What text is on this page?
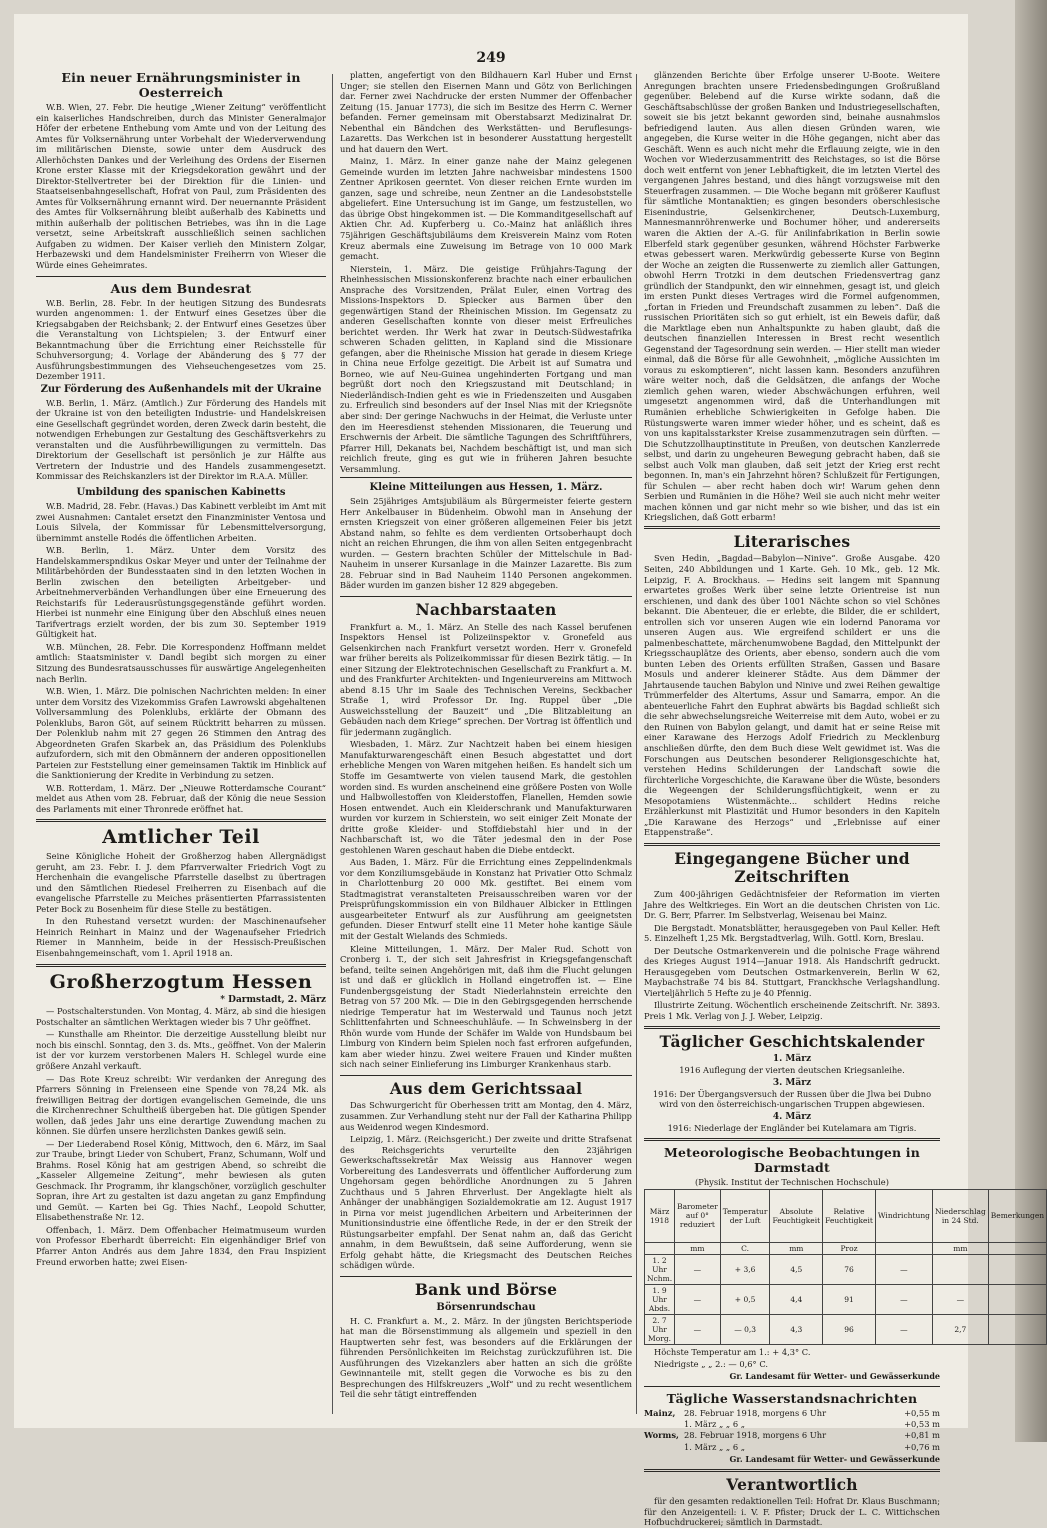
249
Ein neuer Ernährungsminister in Oesterreich

W.B. Wien, 27. Febr. Die heutige „Wiener Zeitung“ veröffentlicht ein kaiserliches Handschreiben, durch das Minister Generalmajor Höfer der erbetene Enthebung vom Amte und von der Leitung des Amtes für Volksernährung unter Vorbehalt der Wiederverwendung im militärischen Dienste, sowie unter dem Ausdruck des Allerhöchsten Dankes und der Verleihung des Ordens der Eisernen Krone erster Klasse mit der Kriegsdekoration gewährt und der Direktor-Stellvertreter bei der Direktion für die Linien- und Staatseisenbahngesellschaft, Hofrat von Paul, zum Präsidenten des Amtes für Volksernährung ernannt wird. Der neuernannte Präsident des Amtes für Volksernährung bleibt außerhalb des Kabinetts und mithin außerhalb der politischen Betriebes, was ihn in die Lage versetzt, seine Arbeitskraft ausschließlich seinen sachlichen Aufgaben zu widmen. Der Kaiser verlieh den Ministern Zolgar, Herbazewski und dem Handelsminister Freiherrn von Wieser die Würde eines Geheimrates.

Aus dem Bundesrat

W.B. Berlin, 28. Febr. In der heutigen Sitzung des Bundesrats wurden angenommen: 1. der Entwurf eines Gesetzes über die Kriegsabgaben der Reichsbank; 2. der Entwurf eines Gesetzes über die Veranstaltung von Lichtspielen; 3. der Entwurf einer Bekanntmachung über die Errichtung einer Reichsstelle für Schuhversorgung; 4. Vorlage der Abänderung des § 77 der Ausführungsbestimmungen des Viehseuchengesetzes vom 25. Dezember 1911.

Zur Förderung des Außenhandels mit der Ukraine

W.B. Berlin, 1. März. (Amtlich.) Zur Förderung des Handels mit der Ukraine ist von den beteiligten Industrie- und Handelskreisen eine Gesellschaft gegründet worden, deren Zweck darin besteht, die notwendigen Erhebungen zur Gestaltung des Geschäftsverkehrs zu veranstalten und die Ausführbewilligungen zu vermitteln. Das Direktorium der Gesellschaft ist persönlich je zur Hälfte aus Vertretern der Industrie und des Handels zusammengesetzt. Kommissar des Reichskanzlers ist der Direktor im R.A.A. Müller.

Umbildung des spanischen Kabinetts

W.B. Madrid, 28. Febr. (Havas.) Das Kabinett verbleibt im Amt mit zwei Ausnahmen: Cantalet ersetzt den Finanzminister Ventosa und Louis Silvela, der Kommissar für Lebensmittelversorgung, übernimmt anstelle Rodés die öffentlichen Arbeiten.

W.B. Berlin, 1. März. Unter dem Vorsitz des Handelskammerspndikus Oskar Meyer und unter der Teilnahme der Militärbehörden der Bundesstaaten sind in den letzten Wochen in Berlin zwischen den beteiligten Arbeitgeber- und Arbeitnehmerverbänden Verhandlungen über eine Erneuerung des Reichstarifs für Lederausrüstungsgegenstände geführt worden. Hierbei ist nunmehr eine Einigung über den Abschluß eines neuen Tarifvertrags erzielt worden, der bis zum 30. September 1919 Gültigkeit hat.

W.B. München, 28. Febr. Die Korrespondenz Hoffmann meldet amtlich: Staatsminister v. Dandl begibt sich morgen zu einer Sitzung des Bundesratsausschusses für auswärtige Angelegenheiten nach Berlin.

W.B. Wien, 1. März. Die polnischen Nachrichten melden: In einer unter dem Vorsitz des Vizekommiss Grafen Lawrowski abgehaltenen Vollversammlung des Polenklubs, erklärte der Obmann des Polenklubs, Baron Göt, auf seinem Rücktritt beharren zu müssen. Der Polenklub nahm mit 27 gegen 26 Stimmen den Antrag des Abgeordneten Grafen Skarbek an, das Präsidium des Polenklubs aufzufordern, sich mit den Obmännern der anderen oppositionellen Parteien zur Feststellung einer gemeinsamen Taktik im Hinblick auf die Sanktionierung der Kredite in Verbindung zu setzen.

W.B. Rotterdam, 1. März. Der „Nieuwe Rotterdamsche Courant“ meldet aus Athen vom 28. Februar, daß der König die neue Session des Parlaments mit einer Thronrede eröffnet hat.

Amtlicher Teil

Seine Königliche Hoheit der Großherzog haben Allergnädigst geruht, am 23. Febr. I. J. dem Pfarrverwalter Friedrich Vogt zu Herchenhain die evangelische Pfarrstelle daselbst zu übertragen und den Sämtlichen Riedesel Freiherren zu Eisenbach auf die evangelische Pfarrstelle zu Meiches präsentierten Pfarrassistenten Peter Bock zu Bosenheim für diese Stelle zu bestätigen.

In den Ruhestand versetzt wurden: der Maschinenaufseher Heinrich Reinhart in Mainz und der Wagenaufseher Friedrich Riemer in Mannheim, beide in der Hessisch-Preußischen Eisenbahngemeinschaft, vom 1. April 1918 an.

Großherzogtum Hessen
* Darmstadt, 2. März

— Postschalterstunden. Von Montag, 4. März, ab sind die hiesigen Postschalter an sämtlichen Werktagen wieder bis 7 Uhr geöffnet.

— Kunsthalle am Rheintor. Die derzeitige Ausstellung bleibt nur noch bis einschl. Sonntag, den 3. ds. Mts., geöffnet. Von der Malerin ist der vor kurzem verstorbenen Malers H. Schlegel wurde eine größere Anzahl verkauft.

— Das Rote Kreuz schreibt: Wir verdanken der Anregung des Pfarrers Sönning in Freienseen eine Spende von 78,24 Mk. als freiwilligen Beitrag der dortigen evangelischen Gemeinde, die uns die Kirchenrechner Schultheiß übergeben hat. Die gütigen Spender wollen, daß jedes Jahr uns eine derartige Zuwendung machen zu können. Sie dürfen unsere herzlichsten Dankes gewiß sein.

— Der Liederabend Rosel König, Mittwoch, den 6. März, im Saal zur Traube, bringt Lieder von Schubert, Franz, Schumann, Wolf und Brahms. Rosel König hat am gestrigen Abend, so schreibt die „Kasseler Allgemeine Zeitung“, mehr bewiesen als guten Geschmack. Ihr Programm, ihr klangschöner, vorzüglich geschulter Sopran, ihre Art zu gestalten ist dazu angetan zu ganz Empfindung und Gemüt. — Karten bei Gg. Thies Nachf., Leopold Schutter, Elisabethenstraße Nr. 12.

Offenbach, 1. März. Dem Offenbacher Heimatmuseum wurden von Professor Eberhardt überreicht: Ein eigenhändiger Brief von Pfarrer Anton Andrés aus dem Jahre 1834, den Frau Inspizient Freund erworben hatte; zwei Eisen-

platten, angefertigt von den Bildhauern Karl Huber und Ernst Unger; sie stellen den Eisernen Mann und Götz von Berlichingen dar. Ferner zwei Nachdrucke der ersten Nummer der Offenbacher Zeitung (15. Januar 1773), die sich im Besitze des Herrn C. Werner befanden. Ferner gemeinsam mit Oberstabsarzt Medizinalrat Dr. Nebenthal ein Bändchen des Werkstätten- und Beruflesungs-Lazaretts. Das Werkchen ist in besonderer Ausstattung hergestellt und hat dauern den Wert.

Mainz, 1. März. In einer ganze nahe der Mainz gelegenen Gemeinde wurden im letzten Jahre nachweisbar mindestens 1500 Zentner Aprikosen geerntet. Von dieser reichen Ernte wurden im ganzen, sage und schreibe, neun Zentner an die Landesobststelle abgeliefert. Eine Untersuchung ist im Gange, um festzustellen, wo das übrige Obst hingekommen ist. — Die Kommanditgesellschaft auf Aktien Chr. Ad. Kupferberg u. Co.-Mainz hat anläßlich ihres 75jährigen Geschäftsjubiläums dem Kreisverein Mainz vom Roten Kreuz abermals eine Zuweisung im Betrage von 10 000 Mark gemacht.

Nierstein, 1. März. Die geistige Frühjahrs-Tagung der Rheinhessischen Missionskonferenz brachte nach einer erbaulichen Ansprache des Vorsitzenden, Prälat Euler, einen Vortrag des Missions-Inspektors D. Spiecker aus Barmen über den gegenwärtigen Stand der Rheinischen Mission. Im Gegensatz zu anderen Gesellschaften konnte von dieser meist Erfreuliches berichtet werden. Ihr Werk hat zwar in Deutsch-Südwestafrika schweren Schaden gelitten, in Kapland sind die Missionare gefangen, aber die Rheinische Mission hat gerade in diesem Kriege in China neue Erfolge gezeitigt. Die Arbeit ist auf Sumatra und Borneo, wie auf Neu-Guinea ungehinderten Fortgang und man begrüßt dort noch den Kriegszustand mit Deutschland; in Niederländisch-Indien geht es wie in Friedenszeiten und Ausgaben zu. Erfreulich sind besonders auf der Insel Nias mit der Kriegsnöte aber sind: Der geringe Nachwuchs in der Heimat, die Verluste unter den im Heeresdienst stehenden Missionaren, die Teuerung und Erschwernis der Arbeit. Die sämtliche Tagungen des Schriftführers, Pfarrer Hill, Dekanats bei, Nachdem beschäftigt ist, und man sich reichlich freute, ging es gut wie in früheren Jahren besuchte Versammlung.

Kleine Mitteilungen aus Hessen, 1. März.

Sein 25jähriges Amtsjubiläum als Bürgermeister feierte gestern Herr Ankelbauser in Büdenheim. Obwohl man in Ansehung der ernsten Kriegszeit von einer größeren allgemeinen Feier bis jetzt Abstand nahm, so fehlte es dem verdienten Ortsoberhaupt doch nicht an reichen Ehrungen, die ihm von allen Seiten entgegenbracht wurden. — Gestern brachten Schüler der Mittelschule in Bad-Nauheim in unserer Kursanlage in die Mainzer Lazarette. Bis zum 28. Februar sind in Bad Nauheim 1140 Personen angekommen. Bäder wurden im ganzen bisher 12 829 abgegeben.

Nachbarstaaten

Frankfurt a. M., 1. März. An Stelle des nach Kassel berufenen Inspektors Hensel ist Polizeiinspektor v. Gronefeld aus Gelsenkirchen nach Frankfurt versetzt worden. Herr v. Gronefeld war früher bereits als Polizeikommissar für diesen Bezirk tätig. — In einer Sitzung der Elektrotechnischen Gesellschaft zu Frankfurt a. M. und des Frankfurter Architekten- und Ingenieurvereins am Mittwoch abend 8.15 Uhr im Saale des Technischen Vereins, Seckbacher Straße 1, wird Professor Dr. Ing. Ruppel über „Die Ausweichsstellung der Bauzeit“ und „Die Blitzableitung an Gebäuden nach dem Kriege“ sprechen. Der Vortrag ist öffentlich und für jedermann zugänglich.

Wiesbaden, 1. März. Zur Nachtzeit haben bei einem hiesigen Manufakturwarengeschäft einen Besuch abgestattet und dort erhebliche Mengen von Waren mitgehen heißen. Es handelt sich um Stoffe im Gesamtwerte von vielen tausend Mark, die gestohlen worden sind. Es wurden anscheinend eine größere Posten von Wolle und Halbwollestoffen von Kleiderstoffen, Flanellen, Hemden sowie Hosen entwendet. Auch ein Kleiderschrank und Manufakturwaren wurden vor kurzem in Schierstein, wo seit einiger Zeit Monate der dritte große Kleider- und Stoffdiebstahl hier und in der Nachbarschaft ist, wo die Täter jedesmal den in der Pose gestohlenen Waren geschaut haben die Diebe entdeckt.

Aus Baden, 1. März. Für die Errichtung eines Zeppelindenkmals vor dem Konziliumsgebäude in Konstanz hat Privatier Otto Schmalz in Charlottenburg 20 000 Mk. gestiftet. Bei einem vom Stadtmagistrat veranstalteten Preisausschreiben waren vor der Preisprüfungskommission ein von Bildhauer Albicker in Ettlingen ausgearbeiteter Entwurf als zur Ausführung am geeignetsten gefunden. Dieser Entwurf stellt eine 11 Meter hohe kantige Säule mit der Gestalt Wielands des Schmieds.

Kleine Mitteilungen, 1. März. Der Maler Rud. Schott von Cronberg i. T., der sich seit Jahresfrist in Kriegsgefangenschaft befand, teilte seinen Angehörigen mit, daß ihm die Flucht gelungen ist und daß er glücklich in Holland eingetroffen ist. — Eine Fundenbergsgeistung der Stadt Niederlahnstein erreichte den Betrag von 57 200 Mk. — Die in den Gebirgsgegenden herrschende niedrige Temperatur hat im Westerwald und Taunus noch jetzt Schlittenfahrten und Schneeschuhläufe. — In Schweinsberg in der Rhön wurde vom Hunde der Schäfer im Walde von Hundsbaum bei Limburg von Kindern beim Spielen noch fast erfroren aufgefunden, kam aber wieder hinzu. Zwei weitere Frauen und Kinder mußten sich nach seiner Einlieferung ins Limburger Krankenhaus starb.

Aus dem Gerichtssaal

Das Schwurgericht für Oberhessen tritt am Montag, den 4. März, zusammen. Zur Verhandlung steht nur der Fall der Katharina Philipp aus Weidenrod wegen Kindesmord.

Leipzig, 1. März. (Reichsgericht.) Der zweite und dritte Strafsenat des Reichsgerichts verurteilte den 23jährigen Gewerkschaftssekretär Max Weissig aus Hannover wegen Vorbereitung des Landesverrats und öffentlicher Aufforderung zum Ungehorsam gegen behördliche Anordnungen zu 5 Jahren Zuchthaus und 5 Jahren Ehrverlust. Der Angeklagte hielt als Anhänger der unabhängigen Sozialdemokratie am 12. August 1917 in Pirna vor meist jugendlichen Arbeitern und Arbeiterinnen der Munitionsindustrie eine öffentliche Rede, in der er den Streik der Rüstungsarbeiter empfahl. Der Senat nahm an, daß das Gericht annahm, in dem Bewußtsein, daß seine Aufforderung, wenn sie Erfolg gehabt hätte, die Kriegsmacht des Deutschen Reiches schädigen würde.

Bank und Börse
Börsenrundschau

H. C. Frankfurt a. M., 2. März. In der jüngsten Berichtsperiode hat man die Börsenstimmung als allgemein und speziell in den Hauptwerten sehr fest, was besonders auf die Erklärungen der führenden Persönlichkeiten im Reichstag zurückzuführen ist. Die Ausführungen des Vizekanzlers aber hatten an sich die größte Gewinnanteile mit, stellt gegen die Vorwoche es bis zu den Besprechungen des Hilfskreuzers „Wolf“ und zu recht wesentlichem Teil die sehr tätigt eintreffenden

glänzenden Berichte über Erfolge unserer U-Boote. Weitere Anregungen brachten unsere Friedensbedingungen Großrußland gegenüber. Belebend auf die Kurse wirkte sodann, daß die Geschäftsabschlüsse der großen Banken und Industriegesellschaften, soweit sie bis jetzt bekannt geworden sind, beinahe ausnahmslos befriedigend lauten. Aus allen diesen Gründen waren, wie angegeben, die Kurse weiter in die Höhe gegangen, nicht aber das Geschäft. Wenn es auch nicht mehr die Erflauung zeigte, wie in den Wochen vor Wiederzusammentritt des Reichstages, so ist die Börse doch weit entfernt von jener Lebhaftigkeit, die im letzten Viertel des vergangenen Jahres bestand, und dies hängt vorzugsweise mit den Steuerfragen zusammen. — Die Woche begann mit größerer Kauflust für sämtliche Montanaktien; es gingen besonders oberschlesische Eisenindustrie, Gelsenkirchener, Deutsch-Luxemburg, Mannesmannröhrenwerke und Bochumer höher, und andererseits waren die Aktien der A.-G. für Anilinfabrikation in Berlin sowie Elberfeld stark gegenüber gesunken, während Höchster Farbwerke etwas gebessert waren. Merkwürdig gebesserte Kurse von Beginn der Woche an zeigten die Russenwerte zu ziemlich aller Gattungen, obwohl Herrn Trotzki in dem deutschen Friedensvertrag ganz gründlich der Standpunkt, den wir einnehmen, gesagt ist, und gleich im ersten Punkt dieses Vertrages wird die Formel aufgenommen, „fortan in Frieden und Freundschaft zusammen zu leben“. Daß die russischen Prioritäten sich so gut erhielt, ist ein Beweis dafür, daß die Marktlage eben nun Anhaltspunkte zu haben glaubt, daß die deutschen finanziellen Interessen in Brest recht wesentlich Gegenstand der Tagesordnung sein werden. — Hier stellt man wieder einmal, daß die Börse für alle Gewohnheit, „mögliche Aussichten im voraus zu eskomptieren“, nicht lassen kann. Besonders anzuführen wäre weiter noch, daß die Geldsätzen, die anfangs der Woche ziemlich gehen waren, wieder Abschwächungen erfuhren, weil umgesetzt angenommen wird, daß die Unterhandlungen mit Rumänien erhebliche Schwierigkeiten in Gefolge haben. Die Rüstungswerte waren immer wieder höher, und es scheint, daß es von uns kapitalsstarkster Kreise zusammenzutragen sein dürften. — Die Schutzzollhauptinstitute in Preußen, von deutschen Kanzlerrede selbst, und darin zu ungeheuren Bewegung gebracht haben, daß sie selbst auch Volk man glauben, daß seit jetzt der Krieg erst recht begonnen. In, man's ein Jahrzehnt hören? Schlußzeit für Fertigungen, für Schulen — aber recht haben doch wir! Warum gehen denn Serbien und Rumänien in die Höhe? Weil sie auch nicht mehr weiter machen können und gar nicht mehr so wie bisher, und das ist ein Kriegslichen, daß Gott erbarm!

Literarisches

Sven Hedin, „Bagdad—Babylon—Ninive“. Große Ausgabe. 420 Seiten, 240 Abbildungen und 1 Karte. Geh. 10 Mk., geb. 12 Mk. Leipzig, F. A. Brockhaus. — Hedins seit langem mit Spannung erwartetes großes Werk über seine letzte Orientreise ist nun erschienen, und dank des über 1001 Nächte schon so viel Schönes bekannt. Die Abenteuer, die er erlebte, die Bilder, die er schildert, entrollen sich vor unseren Augen wie ein lodernd Panorama vor unseren Augen aus. Wie ergreifend schildert er uns die palmenbeschattete, märchenumwobene Bagdad, den Mittelpunkt der Kriegsschauplätze des Orients, aber ebenso, sondern auch die vom bunten Leben des Orients erfüllten Straßen, Gassen und Basare Mosuls und anderer kleinerer Städte. Aus dem Dämmer der Jahrtausende tauchen Babylon und Ninive und zwei Reihen gewaltige Trümmerfelder des Altertums, Assur und Samarra, empor. An die abenteuerliche Fahrt den Euphrat abwärts bis Bagdad schließt sich die sehr abwechselungsreiche Weiterreise mit dem Auto, wobei er zu den Ruinen von Babylon gelangt, und damit hat er seine Reise mit einer Karawane des Herzogs Adolf Friedrich zu Mecklenburg anschließen dürfte, den dem Buch diese Welt gewidmet ist. Was die Forschungen aus Deutschen besonderer Religionsgeschichte hat, verstehen Hedins Schilderungen der Landschaft sowie die fürchterliche Vorgeschichte, die Karawane über die Wüste, besonders die Wegeengen der Schilderungsflüchtigkeit, wenn er zu Mesopotamiens Wüstenmächte... schildert Hedins reiche Erzählerkunst mit Plastizität und Humor besonders in den Kapiteln „Die Karawane des Herzogs“ und „Erlebnisse auf einer Etappenstraße“.

Eingegangene Bücher und Zeitschriften

Zum 400-jährigen Gedächtnisfeier der Reformation im vierten Jahre des Weltkrieges. Ein Wort an die deutschen Christen von Lic. Dr. G. Berr, Pfarrer. Im Selbstverlag, Weisenau bei Mainz.

Die Bergstadt. Monatsblätter, herausgegeben von Paul Keller. Heft 5. Einzelheft 1,25 Mk. Bergstadtverlag, Wilh. Gottl. Korn, Breslau.

Der Deutsche Ostmarkenverein und die polnische Frage während des Krieges August 1914—Januar 1918. Als Handschrift gedruckt. Herausgegeben vom Deutschen Ostmarkenverein, Berlin W 62, Maybachstraße 74 bis 84. Stuttgart, Franckhsche Verlagshandlung. Vierteljährlich 5 Hefte zu je 40 Pfennig.

Illustrirte Zeitung. Wöchentlich erscheinende Zeitschrift. Nr. 3893. Preis 1 Mk. Verlag von J. J. Weber, Leipzig.

Täglicher Geschichtskalender
1. März
1916 Auflegung der vierten deutschen Kriegsanleihe.
3. März
1916: Der Übergangsversuch der Russen über die Jlwa bei Dubno wird von den österreichisch-ungarischen Truppen abgewiesen.
4. März
1916: Niederlage der Engländer bei Kutelamara am Tigris.
Meteorologische Beobachtungen in Darmstadt
(Physik. Institut der Technischen Hochschule)
März 1918	Barometer auf 0° reduziert	Temperatur der Luft	Absolute Feuchtigkeit	Relative Feuchtigkeit	Windrichtung	Niederschlag in 24 Std.	Bemerkungen
	mm	C.	mm	Proz		mm	
1. 2 Uhr Nchm.	—	+ 3,6	4,5	76	—		
1. 9 Uhr Abds.	—	+ 0,5	4,4	91	—	—	
2. 7 Uhr Morg.	—	— 0,3	4,3	96	—	2,7	
Höchste Temperatur am 1.: + 4,3° C.
Niedrigste „ „ 2.: — 0,6° C.
Gr. Landesamt für Wetter- und Gewässerkunde
Tägliche Wasserstandsnachrichten
Mainz,	28. Februar 1918, morgens 6 Uhr	+0,55 m
1. März „ „ 6 „	+0,53 m
Worms, 28. Februar 1918, morgens 6 Uhr	+0,81 m
1. März „ „ 6 „	+0,76 m
Gr. Landesamt für Wetter- und Gewässerkunde
Verantwortlich

für den gesamten redaktionellen Teil: Hofrat Dr. Klaus Buschmann; für den Anzeigenteil: i. V. F. Pfister; Druck der L. C. Wittichschen Hofbuchdruckerei; sämtlich in Darmstadt.
